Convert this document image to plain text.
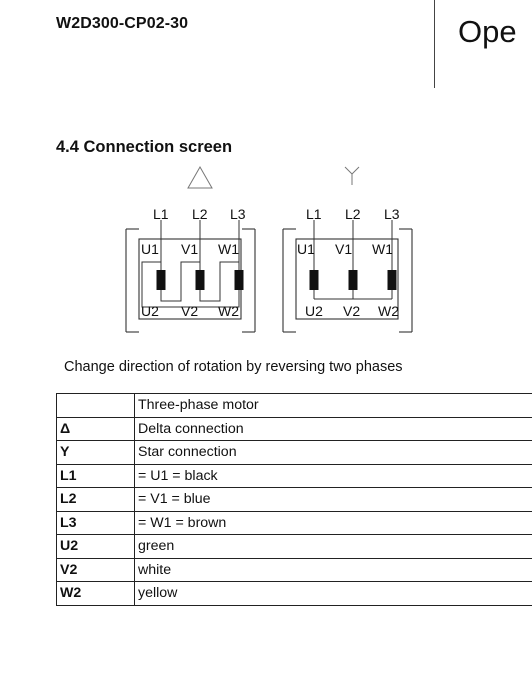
W2D300-CP02-30	Ope
4.4 Connection screen
L1 L2 L3
U1 V1 W1
U2 V2 W2
L1 L2 L3
U1 V1 W1
U2 V2 W2
Change direction of rotation by reversing two phases
	Three-phase motor
Δ	Delta connection
Y	Star connection
L1	= U1 = black
L2	= V1 = blue
L3	= W1 = brown
U2	green
V2	white
W2	yellow
